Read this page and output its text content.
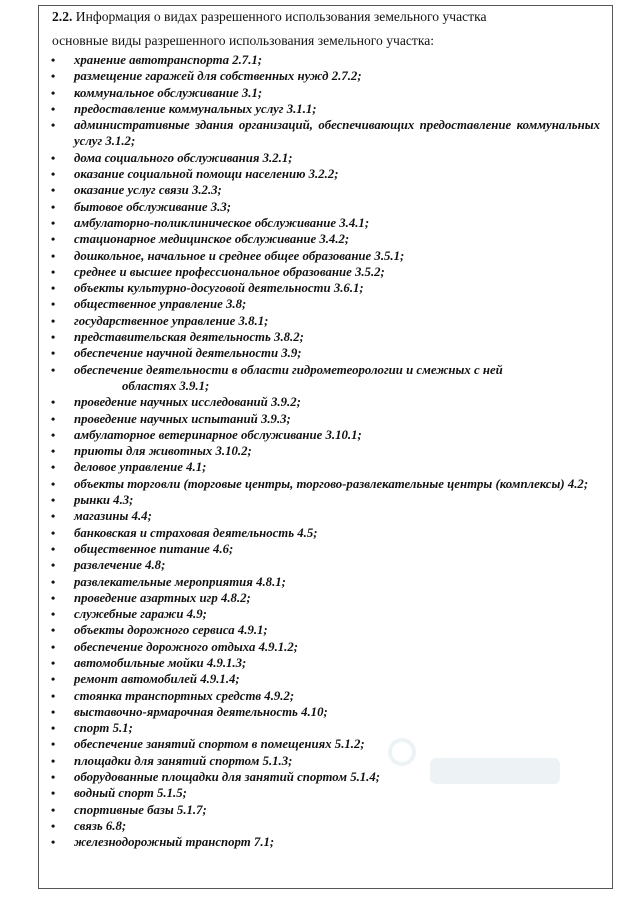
2.2. Информация о видах разрешенного использования земельного участка
основные виды разрешенного использования земельного участка:
• хранение автотранспорта 2.7.1;
• размещение гаражей для собственных нужд 2.7.2;
• коммунальное обслуживание 3.1;
• предоставление коммунальных услуг 3.1.1;
• административные здания организаций, обеспечивающих предоставление коммунальных услуг 3.1.2;
• дома социального обслуживания 3.2.1;
• оказание социальной помощи населению 3.2.2;
• оказание услуг связи 3.2.3;
• бытовое обслуживание 3.3;
• амбулаторно-поликлиническое обслуживание 3.4.1;
• стационарное медицинское обслуживание 3.4.2;
• дошкольное, начальное и среднее общее образование 3.5.1;
• среднее и высшее профессиональное образование 3.5.2;
• объекты культурно-досуговой деятельности 3.6.1;
• общественное управление 3.8;
• государственное управление 3.8.1;
• представительская деятельность 3.8.2;
• обеспечение научной деятельности 3.9;
• обеспечение деятельности в области гидрометеорологии и смежных с ней
областях 3.9.1;
• проведение научных исследований 3.9.2;
• проведение научных испытаний 3.9.3;
• амбулаторное ветеринарное обслуживание 3.10.1;
• приюты для животных 3.10.2;
• деловое управление 4.1;
• объекты торговли (торговые центры, торгово-развлекательные центры (комплексы) 4.2;
• рынки 4.3;
• магазины 4.4;
• банковская и страховая деятельность 4.5;
• общественное питание 4.6;
• развлечение 4.8;
• развлекательные мероприятия 4.8.1;
• проведение азартных игр 4.8.2;
• служебные гаражи 4.9;
• объекты дорожного сервиса 4.9.1;
• обеспечение дорожного отдыха 4.9.1.2;
• автомобильные мойки 4.9.1.3;
• ремонт автомобилей 4.9.1.4;
• стоянка транспортных средств 4.9.2;
• выставочно-ярмарочная деятельность 4.10;
• спорт 5.1;
• обеспечение занятий спортом в помещениях 5.1.2;
• площадки для занятий спортом 5.1.3;
• оборудованные площадки для занятий спортом 5.1.4;
• водный спорт 5.1.5;
• спортивные базы 5.1.7;
• связь 6.8;
• железнодорожный транспорт 7.1;
